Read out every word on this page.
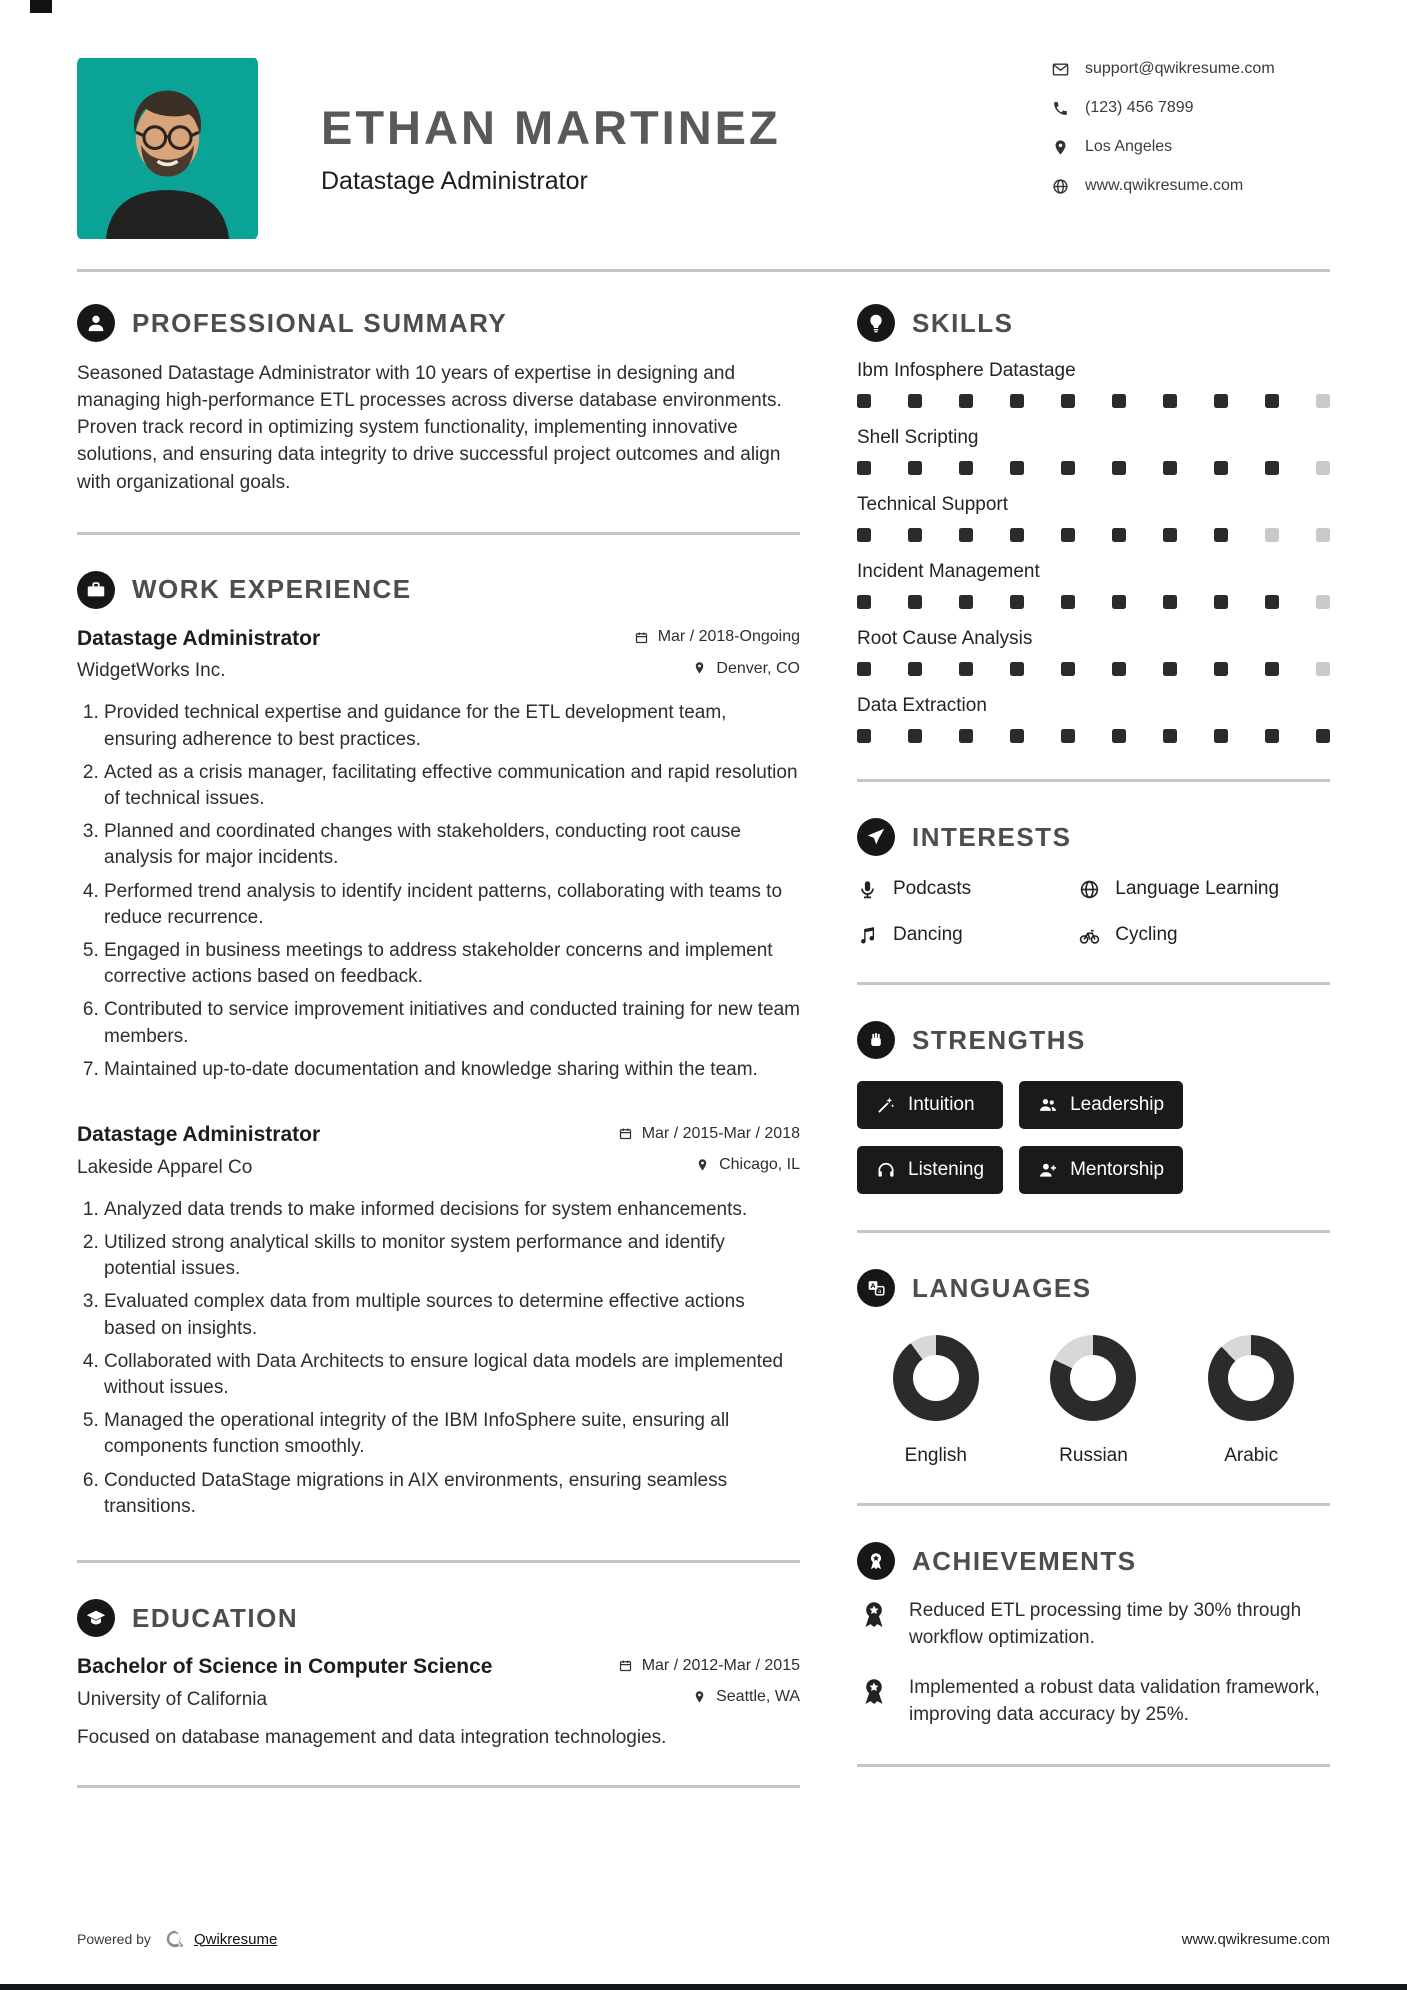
ETHAN MARTINEZ
Datastage Administrator
support@qwikresume.com
(123) 456 7899
Los Angeles
www.qwikresume.com
PROFESSIONAL SUMMARY

Seasoned Datastage Administrator with 10 years of expertise in designing and managing high-performance ETL processes across diverse database environments. Proven track record in optimizing system functionality, implementing innovative solutions, and ensuring data integrity to drive successful project outcomes and align with organizational goals.

WORK EXPERIENCE
Datastage Administrator	Mar / 2018-Ongoing
WidgetWorks Inc.	Denver, CO
1. Provided technical expertise and guidance for the ETL development team, ensuring adherence to best practices.
2. Acted as a crisis manager, facilitating effective communication and rapid resolution of technical issues.
3. Planned and coordinated changes with stakeholders, conducting root cause analysis for major incidents.
4. Performed trend analysis to identify incident patterns, collaborating with teams to reduce recurrence.
5. Engaged in business meetings to address stakeholder concerns and implement corrective actions based on feedback.
6. Contributed to service improvement initiatives and conducted training for new team members.
7. Maintained up-to-date documentation and knowledge sharing within the team.
Datastage Administrator	Mar / 2015-Mar / 2018
Lakeside Apparel Co	Chicago, IL
1. Analyzed data trends to make informed decisions for system enhancements.
2. Utilized strong analytical skills to monitor system performance and identify potential issues.
3. Evaluated complex data from multiple sources to determine effective actions based on insights.
4. Collaborated with Data Architects to ensure logical data models are implemented without issues.
5. Managed the operational integrity of the IBM InfoSphere suite, ensuring all components function smoothly.
6. Conducted DataStage migrations in AIX environments, ensuring seamless transitions.
EDUCATION
Bachelor of Science in Computer Science	Mar / 2012-Mar / 2015
University of California	Seattle, WA

Focused on database management and data integration technologies.

SKILLS
Ibm Infosphere Datastage
Shell Scripting
Technical Support
Incident Management
Root Cause Analysis
Data Extraction
INTERESTS
Podcasts	Language Learning
Dancing	Cycling
STRENGTHS
Intuition	Leadership
Listening	Mentorship
A
a LANGUAGES
English	Russian	Arabic
ACHIEVEMENTS
Reduced ETL processing time by 30% through workflow optimization.
Implemented a robust data validation framework, improving data accuracy by 25%.
Powered by	Qwikresume	www.qwikresume.com
